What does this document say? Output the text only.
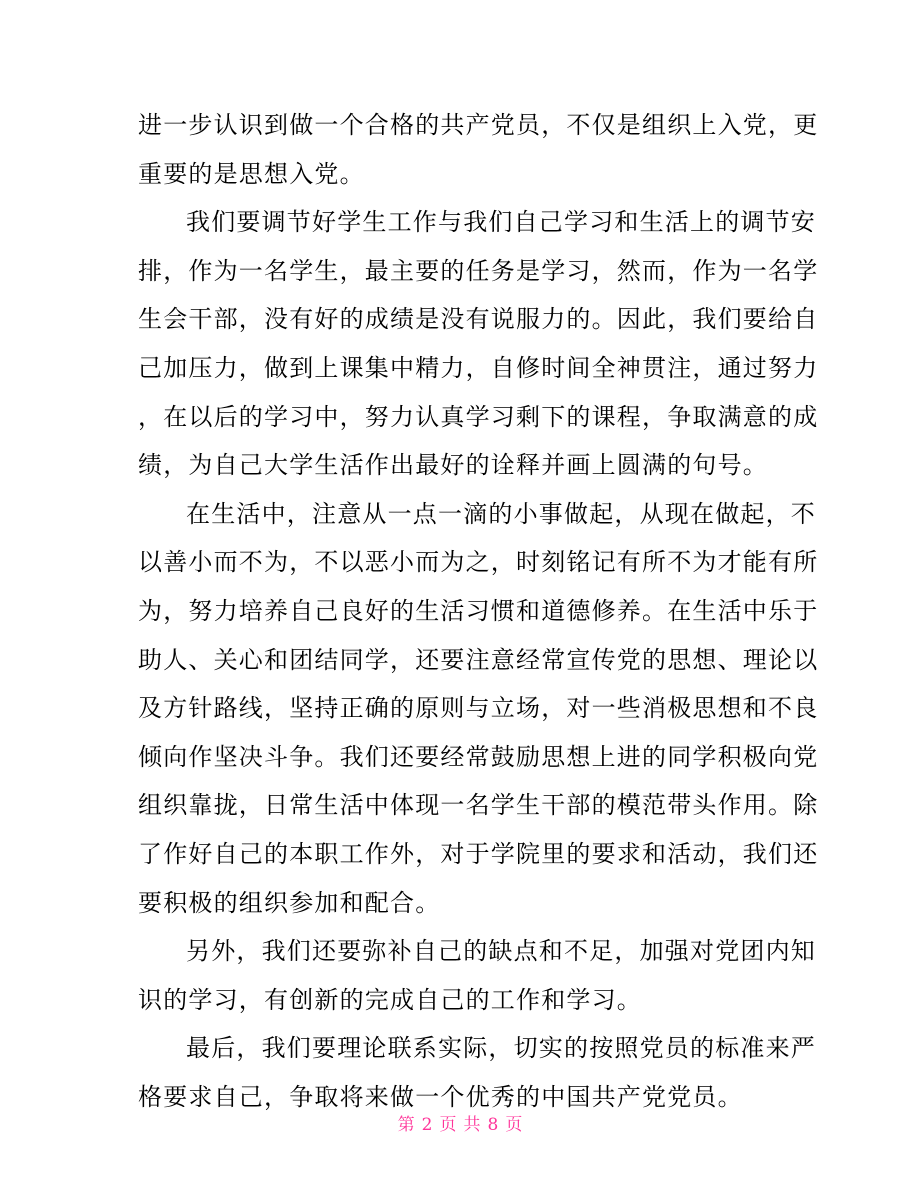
进一步认识到做一个合格的共产党员，不仅是组织上入党，更
重要的是思想入党。
我们要调节好学生工作与我们自己学习和生活上的调节安
排，作为一名学生，最主要的任务是学习，然而，作为一名学
生会干部，没有好的成绩是没有说服力的。因此，我们要给自
己加压力，做到上课集中精力，自修时间全神贯注，通过努力
，在以后的学习中，努力认真学习剩下的课程，争取满意的成
绩，为自己大学生活作出最好的诠释并画上圆满的句号。
在生活中，注意从一点一滴的小事做起，从现在做起，不
以善小而不为，不以恶小而为之，时刻铭记有所不为才能有所
为，努力培养自己良好的生活习惯和道德修养。在生活中乐于
助人、关心和团结同学，还要注意经常宣传党的思想、理论以
及方针路线，坚持正确的原则与立场，对一些消极思想和不良
倾向作坚决斗争。我们还要经常鼓励思想上进的同学积极向党
组织靠拢，日常生活中体现一名学生干部的模范带头作用。除
了作好自己的本职工作外，对于学院里的要求和活动，我们还
要积极的组织参加和配合。
另外，我们还要弥补自己的缺点和不足，加强对党团内知
识的学习，有创新的完成自己的工作和学习。
最后，我们要理论联系实际，切实的按照党员的标准来严
格要求自己，争取将来做一个优秀的中国共产党党员。
第 2 页 共 8 页
